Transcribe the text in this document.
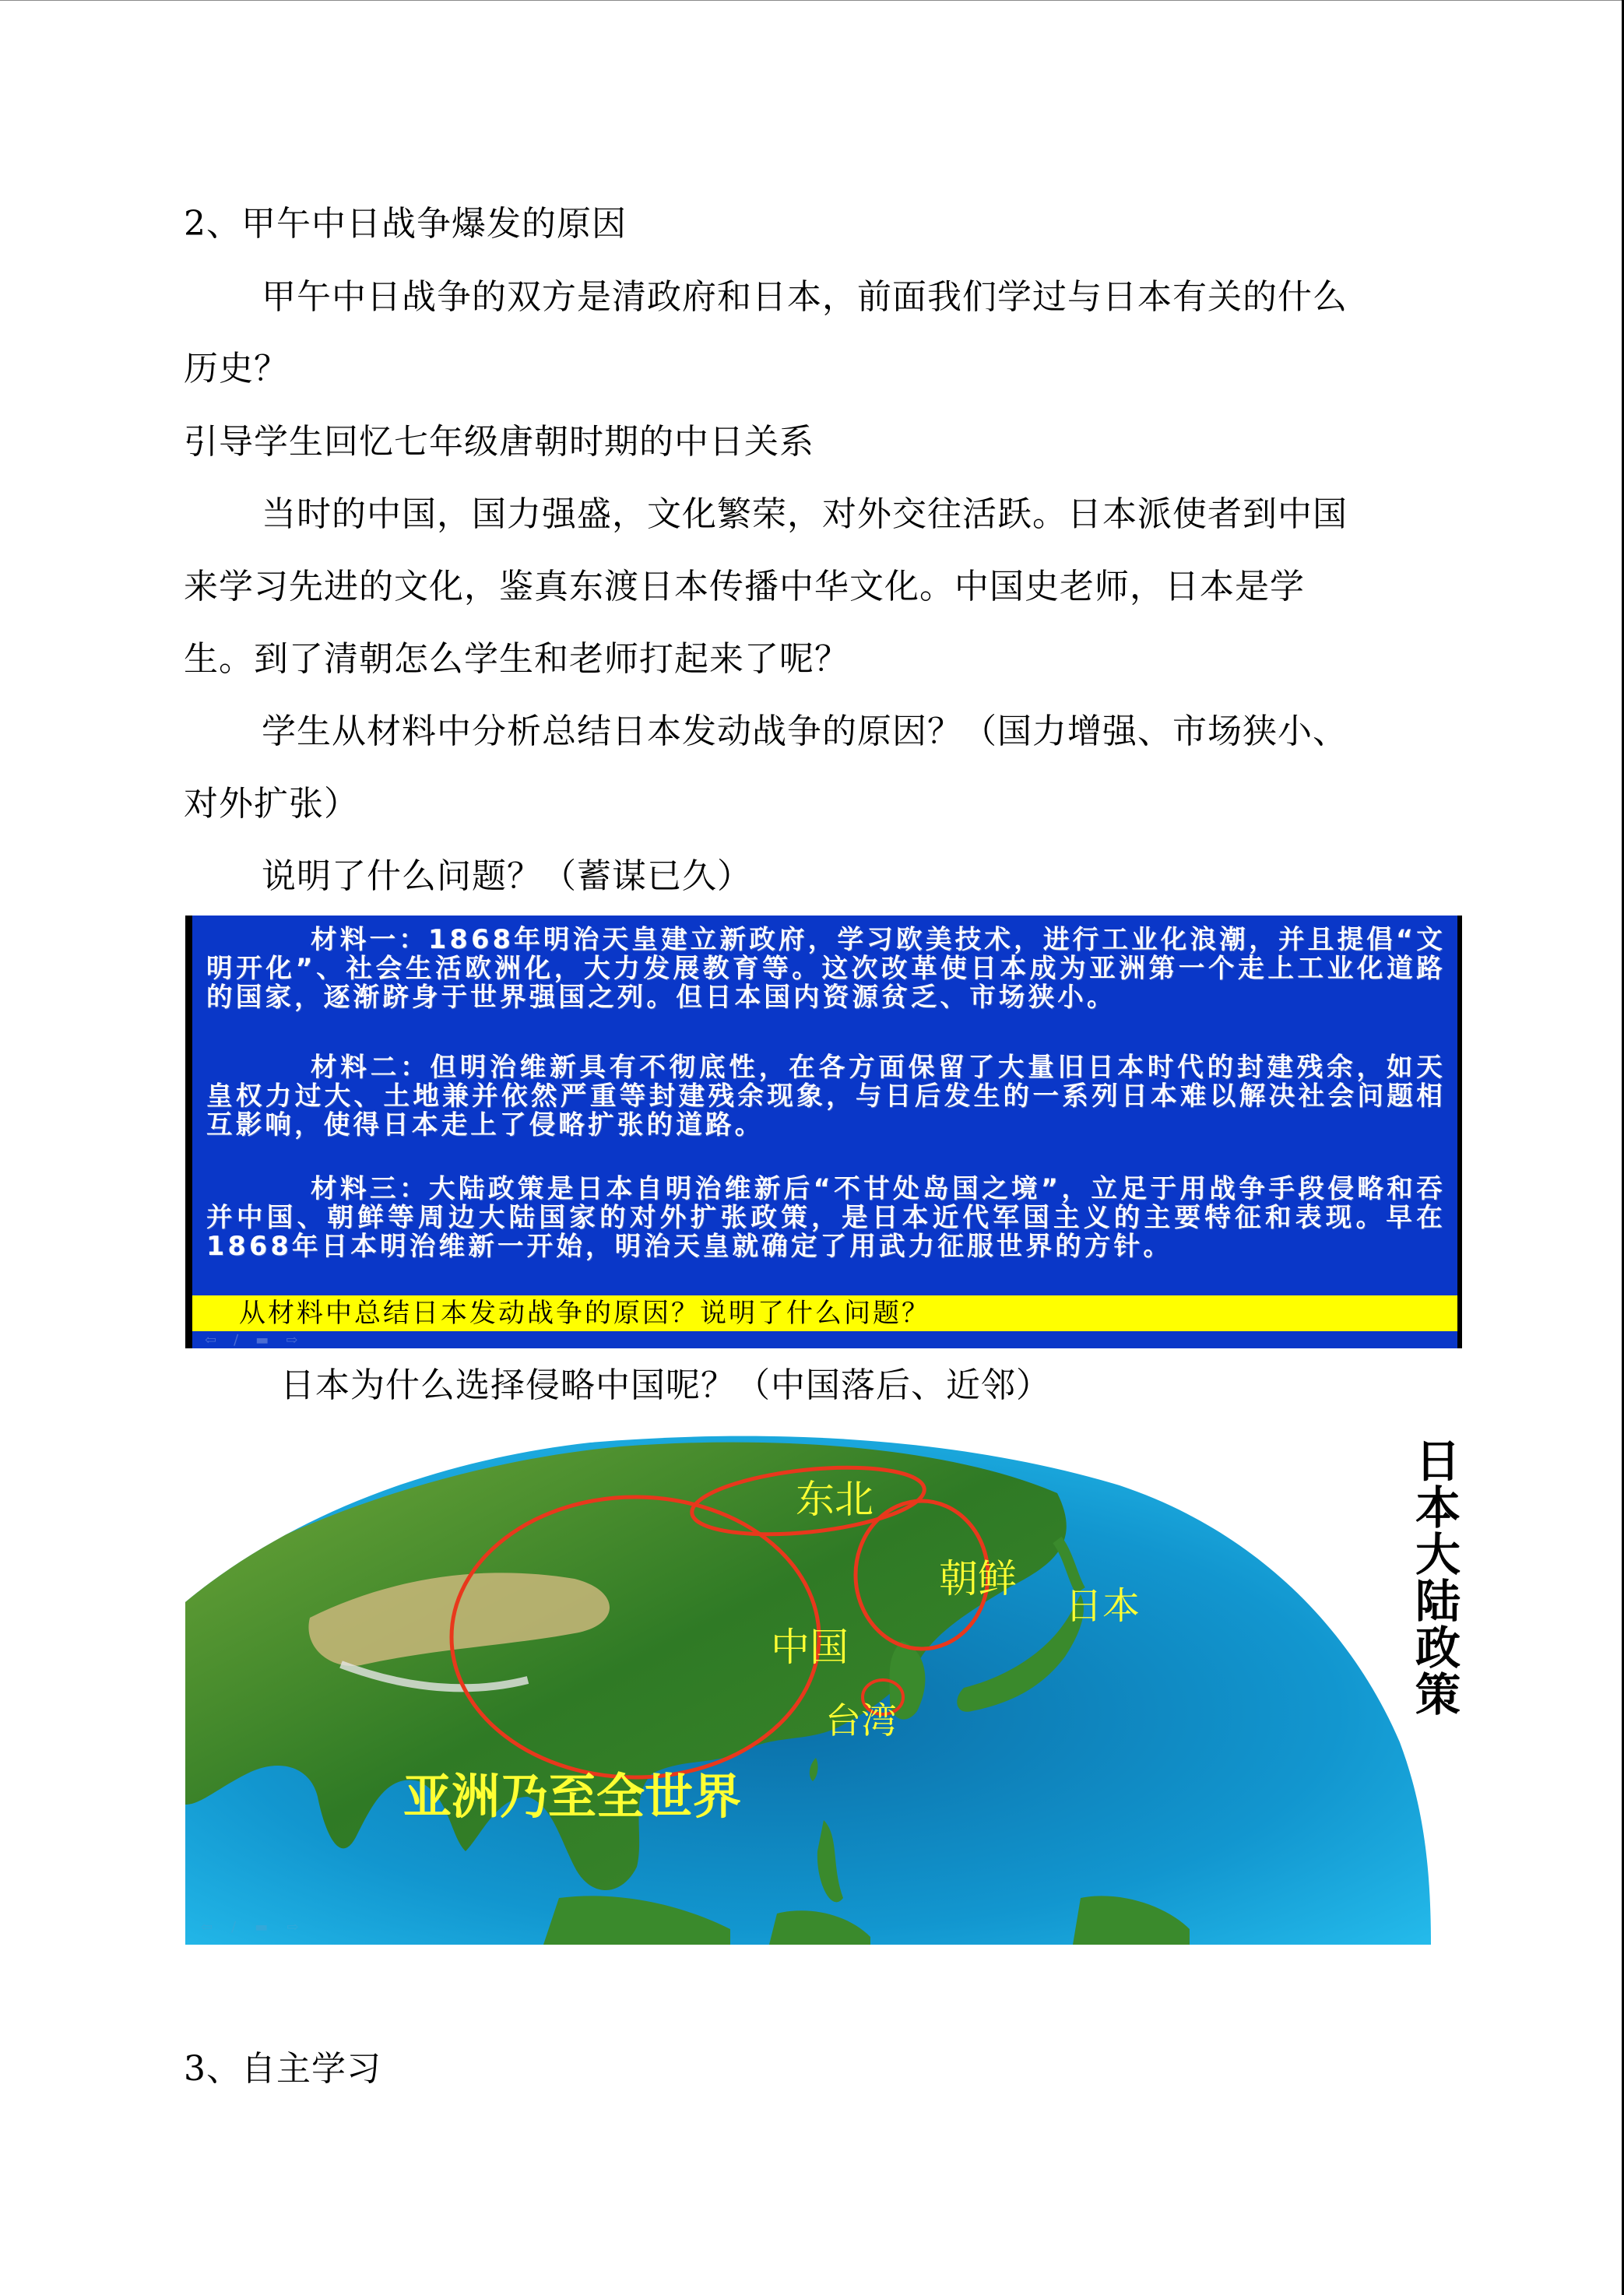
2、甲午中日战争爆发的原因
甲午中日战争的双方是清政府和日本，前面我们学过与日本有关的什么
历史？
引导学生回忆七年级唐朝时期的中日关系
当时的中国，国力强盛，文化繁荣，对外交往活跃。日本派使者到中国
来学习先进的文化，鉴真东渡日本传播中华文化。中国史老师，日本是学
生。到了清朝怎么学生和老师打起来了呢？
学生从材料中分析总结日本发动战争的原因？（国力增强、市场狭小、
对外扩张）
说明了什么问题？（蓄谋已久）
材料一：1868年明治天皇建立新政府，学习欧美技术，进行工业化浪潮，并且提倡“文明开化”、社会生活欧洲化，大力发展教育等。这次改革使日本成为亚洲第一个走上工业化道路的国家，逐渐跻身于世界强国之列。但日本国内资源贫乏、市场狭小。
材料二：但明治维新具有不彻底性，在各方面保留了大量旧日本时代的封建残余，如天皇权力过大、土地兼并依然严重等封建残余现象，与日后发生的一系列日本难以解决社会问题相互影响，使得日本走上了侵略扩张的道路。
材料三：大陆政策是日本自明治维新后“不甘处岛国之境”，立足于用战争手段侵略和吞并中国、朝鲜等周边大陆国家的对外扩张政策，是日本近代军国主义的主要特征和表现。早在1868年日本明治维新一开始，明治天皇就确定了用武力征服世界的方针。
从材料中总结日本发动战争的原因？说明了什么问题？
⇦ ∕ ▬ ⇨
日本为什么选择侵略中国呢？（中国落后、近邻）
东北
朝鲜
日本
中国
台湾
亚洲乃至全世界
日本大陆政策
⇦ ∕ ▬ ⇨
3、自主学习
